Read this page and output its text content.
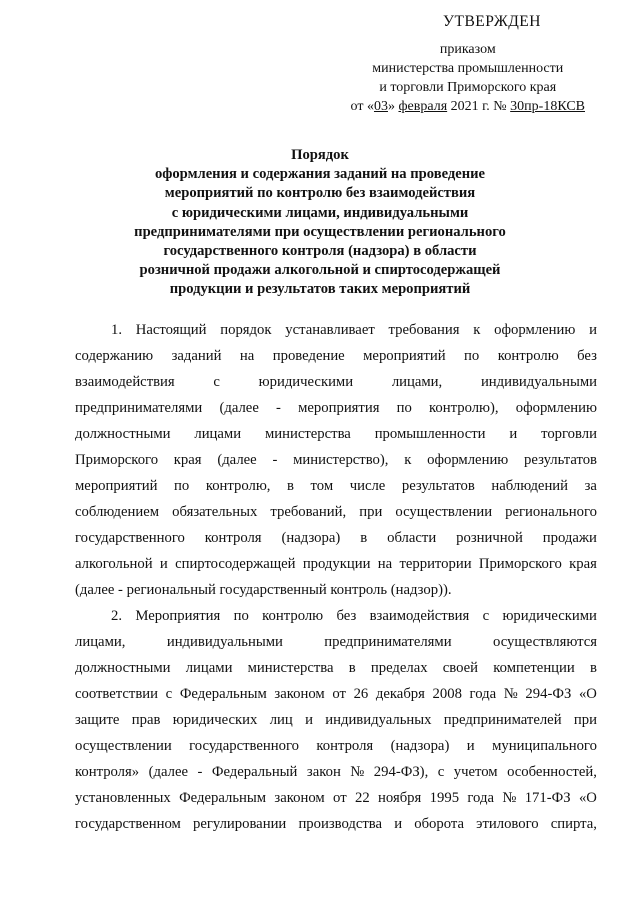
УТВЕРЖДЕН
приказом
министерства промышленности
и торговли Приморского края
от «03» февраля 2021 г. № 30пр-18КСВ
Порядок
оформления и содержания заданий на проведение
мероприятий по контролю без взаимодействия
с юридическими лицами, индивидуальными
предпринимателями при осуществлении регионального
государственного контроля (надзора) в области
розничной продажи алкогольной и спиртосодержащей
продукции и результатов таких мероприятий
1. Настоящий порядок устанавливает требования к оформлению и
содержанию заданий на проведение мероприятий по контролю без
взаимодействия	с	юридическими	лицами,	индивидуальными
предпринимателями (далее - мероприятия по контролю), оформлению
должностными лицами министерства промышленности и торговли
Приморского края (далее - министерство), к оформлению результатов
мероприятий по контролю, в том числе результатов наблюдений за
соблюдением обязательных требований, при осуществлении регионального
государственного контроля (надзора) в области розничной продажи
алкогольной и спиртосодержащей продукции на территории Приморского края
(далее - региональный государственный контроль (надзор)).
2. Мероприятия по контролю без взаимодействия с юридическими
лицами,	индивидуальными	предпринимателями	осуществляются
должностными лицами министерства в пределах своей компетенции в
соответствии с Федеральным законом от 26 декабря 2008 года № 294-ФЗ «О
защите прав юридических лиц и индивидуальных предпринимателей при
осуществлении государственного контроля (надзора) и муниципального
контроля» (далее - Федеральный закон № 294-ФЗ), с учетом особенностей,
установленных Федеральным законом от 22 ноября 1995 года № 171-ФЗ «О
государственном регулировании производства и оборота этилового спирта,
